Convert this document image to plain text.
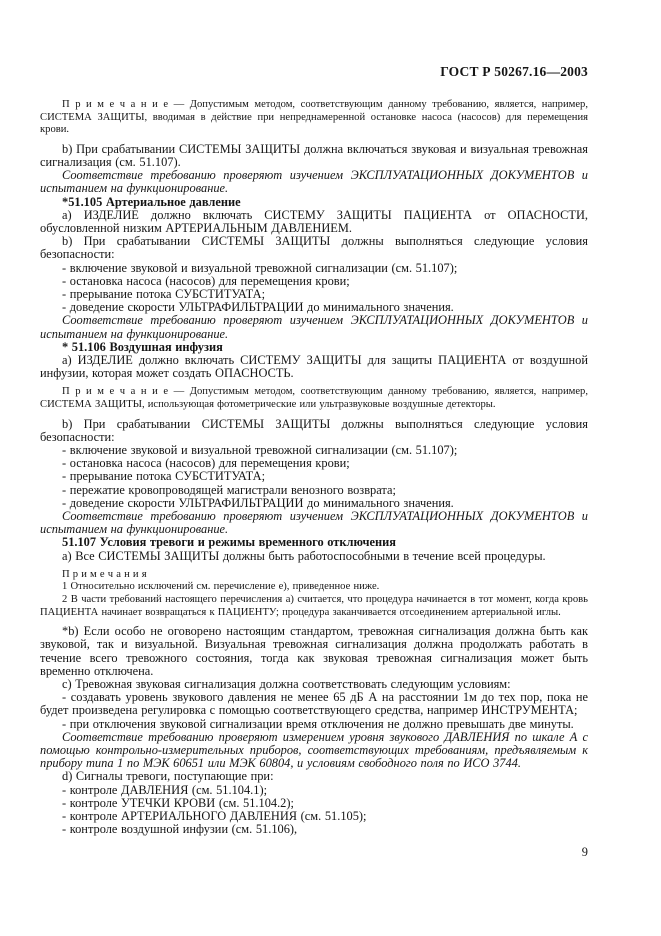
ГОСТ Р 50267.16—2003

П р и м е ч а н и е — Допустимым методом, соответствующим данному требованию, является, например, СИСТЕМА ЗАЩИТЫ, вводимая в действие при непреднамеренной остановке насоса (насосов) для перемещения крови.

b) При срабатывании СИСТЕМЫ ЗАЩИТЫ должна включаться звуковая и визуальная тревожная сигнализация (см. 51.107).

Соответствие требованию проверяют изучением ЭКСПЛУАТАЦИОННЫХ ДОКУМЕНТОВ и испытанием на функционирование.

*51.105 Артериальное давление

a) ИЗДЕЛИЕ должно включать СИСТЕМУ ЗАЩИТЫ ПАЦИЕНТА от ОПАСНОСТИ, обусловленной низким АРТЕРИАЛЬНЫМ ДАВЛЕНИЕМ.

b) При срабатывании СИСТЕМЫ ЗАЩИТЫ должны выполняться следующие условия безопасности:

- включение звуковой и визуальной тревожной сигнализации (см. 51.107);

- остановка насоса (насосов) для перемещения крови;

- прерывание потока СУБСТИТУАТА;

- доведение скорости УЛЬТРАФИЛЬТРАЦИИ до минимального значения.

Соответствие требованию проверяют изучением ЭКСПЛУАТАЦИОННЫХ ДОКУМЕНТОВ и испытанием на функционирование.

* 51.106 Воздушная инфузия

a) ИЗДЕЛИЕ должно включать СИСТЕМУ ЗАЩИТЫ для защиты ПАЦИЕНТА от воздушной инфузии, которая может создать ОПАСНОСТЬ.

П р и м е ч а н и е — Допустимым методом, соответствующим данному требованию, является, например, СИСТЕМА ЗАЩИТЫ, использующая фотометрические или ультразвуковые воздушные детекторы.

b) При срабатывании СИСТЕМЫ ЗАЩИТЫ должны выполняться следующие условия безопасности:

- включение звуковой и визуальной тревожной сигнализации (см. 51.107);

- остановка насоса (насосов) для перемещения крови;

- прерывание потока СУБСТИТУАТА;

- пережатие кровопроводящей магистрали венозного возврата;

- доведение скорости УЛЬТРАФИЛЬТРАЦИИ до минимального значения.

Соответствие требованию проверяют изучением ЭКСПЛУАТАЦИОННЫХ ДОКУМЕНТОВ и испытанием на функционирование.

51.107 Условия тревоги и режимы временного отключения

a) Все СИСТЕМЫ ЗАЩИТЫ должны быть работоспособными в течение всей процедуры.

П р и м е ч а н и я

1 Относительно исключений см. перечисление е), приведенное ниже.

2 В части требований настоящего перечисления а) считается, что процедура начинается в тот момент, когда кровь ПАЦИЕНТА начинает возвращаться к ПАЦИЕНТУ; процедура заканчивается отсоединением артериальной иглы.

*b) Если особо не оговорено настоящим стандартом, тревожная сигнализация должна быть как звуковой, так и визуальной. Визуальная тревожная сигнализация должна продолжать работать в течение всего тревожного состояния, тогда как звуковая тревожная сигнализация может быть временно отключена.

c) Тревожная звуковая сигнализация должна соответствовать следующим условиям:

- создавать уровень звукового давления не менее 65 дБ А на расстоянии 1м до тех пор, пока не будет произведена регулировка с помощью соответствующего средства, например ИНСТРУМЕНТА;

- при отключения звуковой сигнализации время отключения не должно превышать две минуты.

Соответствие требованию проверяют измерением уровня звукового ДАВЛЕНИЯ по шкале А с помощью контрольно-измерительных приборов, соответствующих требованиям, предъявляемым к прибору типа 1 по МЭК 60651 или МЭК 60804, и условиям свободного поля по ИСО 3744.

d) Сигналы тревоги, поступающие при:

- контроле ДАВЛЕНИЯ (см. 51.104.1);

- контроле УТЕЧКИ КРОВИ (см. 51.104.2);

- контроле АРТЕРИАЛЬНОГО ДАВЛЕНИЯ (см. 51.105);

- контроле воздушной инфузии (см. 51.106),

9
